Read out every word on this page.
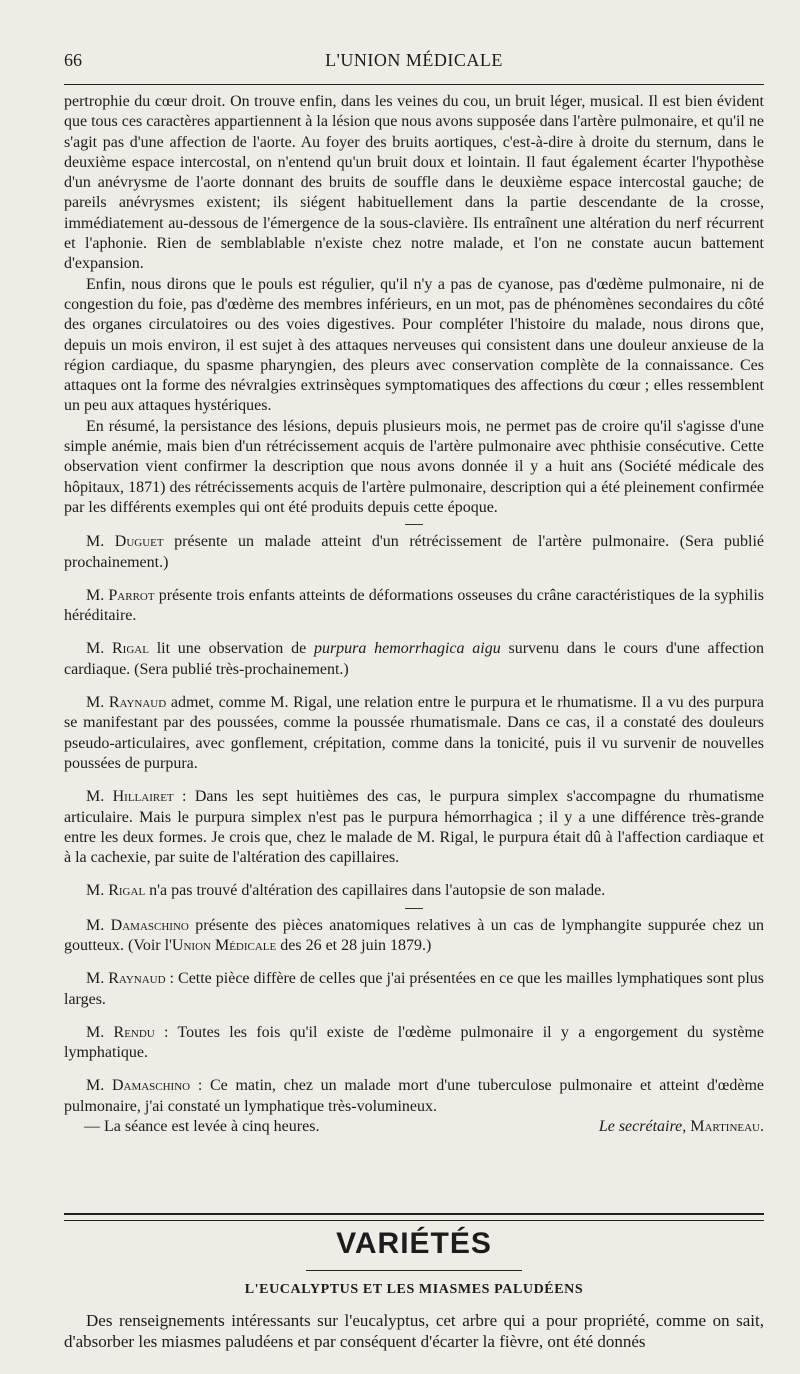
66	L'UNION MÉDICALE

pertrophie du cœur droit. On trouve enfin, dans les veines du cou, un bruit léger, musical. Il est bien évident que tous ces caractères appartiennent à la lésion que nous avons supposée dans l'artère pulmonaire, et qu'il ne s'agit pas d'une affection de l'aorte. Au foyer des bruits aortiques, c'est-à-dire à droite du sternum, dans le deuxième espace intercostal, on n'entend qu'un bruit doux et lointain. Il faut également écarter l'hypothèse d'un anévrysme de l'aorte donnant des bruits de souffle dans le deuxième espace intercostal gauche; de pareils anévrysmes existent; ils siégent habituellement dans la partie descendante de la crosse, immédiatement au-dessous de l'émergence de la sous-clavière. Ils entraînent une altération du nerf récurrent et l'aphonie. Rien de semblablable n'existe chez notre malade, et l'on ne constate aucun battement d'expansion.

Enfin, nous dirons que le pouls est régulier, qu'il n'y a pas de cyanose, pas d'œdème pulmonaire, ni de congestion du foie, pas d'œdème des membres inférieurs, en un mot, pas de phénomènes secondaires du côté des organes circulatoires ou des voies digestives. Pour compléter l'histoire du malade, nous dirons que, depuis un mois environ, il est sujet à des attaques nerveuses qui consistent dans une douleur anxieuse de la région cardiaque, du spasme pharyngien, des pleurs avec conservation complète de la connaissance. Ces attaques ont la forme des névralgies extrinsèques symptomatiques des affections du cœur ; elles ressemblent un peu aux attaques hystériques.

En résumé, la persistance des lésions, depuis plusieurs mois, ne permet pas de croire qu'il s'agisse d'une simple anémie, mais bien d'un rétrécissement acquis de l'artère pulmonaire avec phthisie consécutive. Cette observation vient confirmer la description que nous avons donnée il y a huit ans (Société médicale des hôpitaux, 1871) des rétrécissements acquis de l'artère pulmonaire, description qui a été pleinement confirmée par les différents exemples qui ont été produits depuis cette époque.

M. Duguet présente un malade atteint d'un rétrécissement de l'artère pulmonaire. (Sera publié prochainement.)

M. Parrot présente trois enfants atteints de déformations osseuses du crâne caractéristiques de la syphilis héréditaire.

M. Rigal lit une observation de purpura hemorrhagica aigu survenu dans le cours d'une affection cardiaque. (Sera publié très-prochainement.)

M. Raynaud admet, comme M. Rigal, une relation entre le purpura et le rhumatisme. Il a vu des purpura se manifestant par des poussées, comme la poussée rhumatismale. Dans ce cas, il a constaté des douleurs pseudo-articulaires, avec gonflement, crépitation, comme dans la tonicité, puis il vu survenir de nouvelles poussées de purpura.

M. Hillairet : Dans les sept huitièmes des cas, le purpura simplex s'accompagne du rhumatisme articulaire. Mais le purpura simplex n'est pas le purpura hémorrhagica ; il y a une différence très-grande entre les deux formes. Je crois que, chez le malade de M. Rigal, le purpura était dû à l'affection cardiaque et à la cachexie, par suite de l'altération des capillaires.

M. Rigal n'a pas trouvé d'altération des capillaires dans l'autopsie de son malade.

M. Damaschino présente des pièces anatomiques relatives à un cas de lymphangite suppurée chez un goutteux. (Voir l'Union Médicale des 26 et 28 juin 1879.)

M. Raynaud : Cette pièce diffère de celles que j'ai présentées en ce que les mailles lymphatiques sont plus larges.

M. Rendu : Toutes les fois qu'il existe de l'œdème pulmonaire il y a engorgement du système lymphatique.

M. Damaschino : Ce matin, chez un malade mort d'une tuberculose pulmonaire et atteint d'œdème pulmonaire, j'ai constaté un lymphatique très-volumineux.

— La séance est levée à cinq heures.	Le secrétaire, Martineau.

VARIÉTÉS
L'EUCALYPTUS ET LES MIASMES PALUDÉENS

Des renseignements intéressants sur l'eucalyptus, cet arbre qui a pour propriété, comme on sait, d'absorber les miasmes paludéens et par conséquent d'écarter la fièvre, ont été donnés
